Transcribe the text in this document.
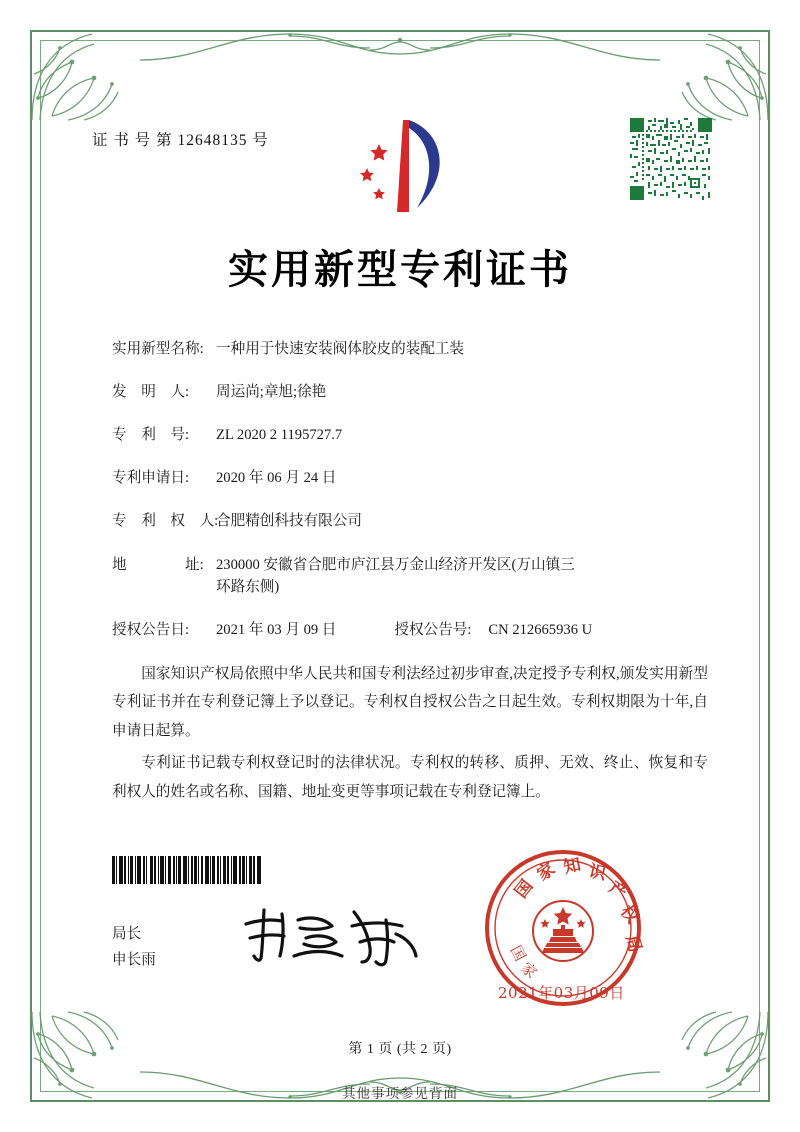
证 书 号 第 12648135 号
实用新型专利证书
实用新型名称: 一种用于快速安装阀体胶皮的装配工装
发　明　人:	周运尚;章旭;徐艳
专　利　号:	ZL 2020 2 1195727.7
专利申请日:	2020 年 06 月 24 日
专　利　权　人:
合肥精创科技有限公司
地　　　　址: 230000 安徽省合肥市庐江县万金山经济开发区(万山镇三
环路东侧)
授权公告日:	2021 年 03 月 09 日	授权公告号:	CN 212665936 U

国家知识产权局依照中华人民共和国专利法经过初步审查,决定授予专利权,颁发实用新型专利证书并在专利登记簿上予以登记。专利权自授权公告之日起生效。专利权期限为十年,自申请日起算。

专利证书记载专利权登记时的法律状况。专利权的转移、质押、无效、终止、恢复和专利权人的姓名或名称、国籍、地址变更等事项记载在专利登记簿上。

局长
申长雨
国
家 知 识
产
权
局
国
家
2021年03月09日
第 1 页 (共 2 页)
其他事项参见背面
